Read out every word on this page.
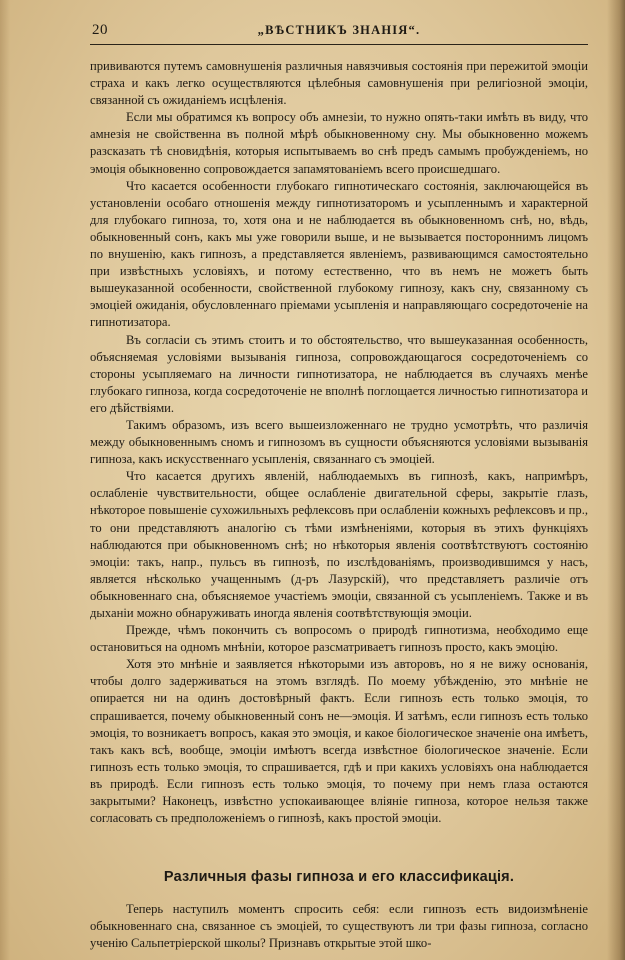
20	„ВѢСТНИКЪ ЗНАНІЯ“.

прививаются путемъ самовнушенія различныя навязчивыя состоянія при пережитой эмоціи страха и какъ легко осуществляются цѣлебныя самовнушенія при религіозной эмоціи, связанной съ ожиданіемъ исцѣленія.

Если мы обратимся къ вопросу объ амнезіи, то нужно опять-таки имѣть въ виду, что амнезія не свойственна въ полной мѣрѣ обыкновенному сну. Мы обыкновенно можемъ разсказать тѣ сновидѣнія, которыя испытываемъ во снѣ предъ самымъ пробужденіемъ, но эмоція обыкновенно сопровождается запамятованіемъ всего происшедшаго.

Что касается особенности глубокаго гипнотическаго состоянія, заключающейся въ установленіи особаго отношенія между гипнотизаторомъ и усыпленнымъ и характерной для глубокаго гипноза, то, хотя она и не наблюдается въ обыкновенномъ снѣ, но, вѣдь, обыкновенный сонъ, какъ мы уже говорили выше, и не вызывается постороннимъ лицомъ по внушенію, какъ гипнозъ, а представляется явленіемъ, развивающимся самостоятельно при извѣстныхъ условіяхъ, и потому естественно, что въ немъ не можетъ быть вышеуказанной особенности, свойственной глубокому гипнозу, какъ сну, связанному съ эмоціей ожиданія, обусловленнаго пріемами усыпленія и направляющаго сосредоточеніе на гипнотизатора.

Въ согласіи съ этимъ стоитъ и то обстоятельство, что вышеуказанная особенность, объясняемая условіями вызыванія гипноза, сопровождающагося сосредоточеніемъ со стороны усыпляемаго на личности гипнотизатора, не наблюдается въ случаяхъ менѣе глубокаго гипноза, когда сосредоточеніе не вполнѣ поглощается личностью гипнотизатора и его дѣйствіями.

Такимъ образомъ, изъ всего вышеизложеннаго не трудно усмотрѣть, что различія между обыкновеннымъ сномъ и гипнозомъ въ сущности объясняются условіями вызыванія гипноза, какъ искусственнаго усыпленія, связаннаго съ эмоціей.

Что касается другихъ явленій, наблюдаемыхъ въ гипнозѣ, какъ, напримѣръ, ослабленіе чувствительности, общее ослабленіе двигательной сферы, закрытіе глазъ, нѣкоторое повышеніе сухожильныхъ рефлексовъ при ослабленіи кожныхъ рефлексовъ и пр., то они представляютъ аналогію съ тѣми измѣненіями, которыя въ этихъ функціяхъ наблюдаются при обыкновенномъ снѣ; но нѣкоторыя явленія соотвѣтствуютъ состоянію эмоціи: такъ, напр., пульсъ въ гипнозѣ, по изслѣдованіямъ, производившимся у насъ, является нѣсколько учащеннымъ (д-ръ Лазурскій), что представляетъ различіе отъ обыкновеннаго сна, объясняемое участіемъ эмоціи, связанной съ усыпленіемъ. Также и въ дыханіи можно обнаруживать иногда явленія соотвѣтствующія эмоціи.

Прежде, чѣмъ покончить съ вопросомъ о природѣ гипнотизма, необходимо еще остановиться на одномъ мнѣніи, которое разсматриваетъ гипнозъ просто, какъ эмоцію.

Хотя это мнѣніе и заявляется нѣкоторыми изъ авторовъ, но я не вижу основанія, чтобы долго задерживаться на этомъ взглядѣ. По моему убѣжденію, это мнѣніе не опирается ни на одинъ достовѣрный фактъ. Если гипнозъ есть только эмоція, то спрашивается, почему обыкновенный сонъ не—эмоція. И затѣмъ, если гипнозъ есть только эмоція, то возникаетъ вопросъ, какая это эмоція, и какое біологическое значеніе она имѣетъ, такъ какъ всѣ, вообще, эмоціи имѣютъ всегда извѣстное біологическое значеніе. Если гипнозъ есть только эмоція, то спрашивается, гдѣ и при какихъ условіяхъ она наблюдается въ природѣ. Если гипнозъ есть только эмоція, то почему при немъ глаза остаются закрытыми? Наконецъ, извѣстно успокаивающее вліяніе гипноза, которое нельзя также согласовать съ предположеніемъ о гипнозѣ, какъ простой эмоціи.

Различныя фазы гипноза и его классификація.

Теперь наступилъ моментъ спросить себя: если гипнозъ есть видоизмѣненіе обыкновеннаго сна, связанное съ эмоціей, то существуютъ ли три фазы гипноза, согласно ученію Сальпетріерской школы? Признавъ открытые этой шко-
